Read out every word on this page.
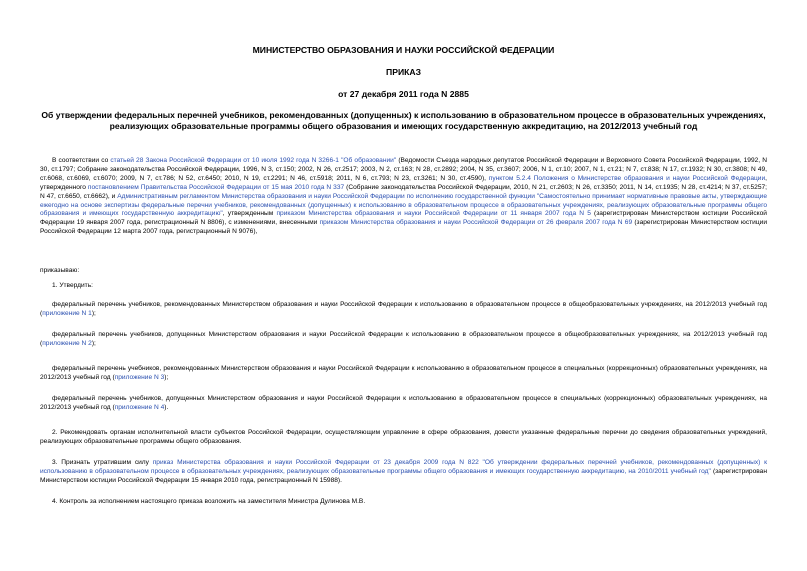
МИНИСТЕРСТВО ОБРАЗОВАНИЯ И НАУКИ РОССИЙСКОЙ ФЕДЕРАЦИИ
ПРИКАЗ
от 27 декабря 2011 года N 2885
Об утверждении федеральных перечней учебников, рекомендованных (допущенных) к использованию в образовательном процессе в образовательных учреждениях, реализующих образовательные программы общего образования и имеющих государственную аккредитацию, на 2012/2013 учебный год
В соответствии со статьей 28 Закона Российской Федерации от 10 июля 1992 года N 3266-1 "Об образовании" (Ведомости Съезда народных депутатов Российской Федерации и Верховного Совета Российской Федерации, 1992, N 30, ст.1797; Собрание законодательства Российской Федерации, 1996, N 3, ст.150; 2002, N 26, ст.2517; 2003, N 2, ст.163; N 28, ст.2892; 2004, N 35, ст.3607; 2006, N 1, ст.10; 2007, N 1, ст.21; N 7, ст.838; N 17, ст.1932; N 30, ст.3808; N 49, ст.6068, ст.6069, ст.6070; 2009, N 7, ст.786; N 52, ст.6450; 2010, N 19, ст.2291; N 46, ст.5918; 2011, N 6, ст.793; N 23, ст.3261; N 30, ст.4590), пунктом 5.2.4 Положения о Министерстве образования и науки Российской Федерации, утвержденного постановлением Правительства Российской Федерации от 15 мая 2010 года N 337 (Собрание законодательства Российской Федерации, 2010, N 21, ст.2603; N 26, ст.3350; 2011, N 14, ст.1935; N 28, ст.4214; N 37, ст.5257; N 47, ст.6650, ст.6662), и Административным регламентом Министерства образования и науки Российской Федерации по исполнению государственной функции "Самостоятельно принимает нормативные правовые акты, утверждающие ежегодно на основе экспертизы федеральные перечни учебников, рекомендованных (допущенных) к использованию в образовательном процессе в образовательных учреждениях, реализующих образовательные программы общего образования и имеющих государственную аккредитацию", утвержденным приказом Министерства образования и науки Российской Федерации от 11 января 2007 года N 5 (зарегистрирован Министерством юстиции Российской Федерации 19 января 2007 года, регистрационный N 8806), с изменениями, внесенными приказом Министерства образования и науки Российской Федерации от 26 февраля 2007 года N 69 (зарегистрирован Министерством юстиции Российской Федерации 12 марта 2007 года, регистрационный N 9076),
приказываю:
1. Утвердить:
федеральный перечень учебников, рекомендованных Министерством образования и науки Российской Федерации к использованию в образовательном процессе в общеобразовательных учреждениях, на 2012/2013 учебный год (приложение N 1);
федеральный перечень учебников, допущенных Министерством образования и науки Российской Федерации к использованию в образовательном процессе в общеобразовательных учреждениях, на 2012/2013 учебный год (приложение N 2);
федеральный перечень учебников, рекомендованных Министерством образования и науки Российской Федерации к использованию в образовательном процессе в специальных (коррекционных) образовательных учреждениях, на 2012/2013 учебный год (приложение N 3);
федеральный перечень учебников, допущенных Министерством образования и науки Российской Федерации к использованию в образовательном процессе в специальных (коррекционных) образовательных учреждениях, на 2012/2013 учебный год (приложение N 4).
2. Рекомендовать органам исполнительной власти субъектов Российской Федерации, осуществляющим управление в сфере образования, довести указанные федеральные перечни до сведения образовательных учреждений, реализующих образовательные программы общего образования.
3. Признать утратившим силу приказ Министерства образования и науки Российской Федерации от 23 декабря 2009 года N 822 "Об утверждении федеральных перечней учебников, рекомендованных (допущенных) к использованию в образовательном процессе в образовательных учреждениях, реализующих образовательные программы общего образования и имеющих государственную аккредитацию, на 2010/2011 учебный год" (зарегистрирован Министерством юстиции Российской Федерации 15 января 2010 года, регистрационный N 15988).
4. Контроль за исполнением настоящего приказа возложить на заместителя Министра Дулинова М.В.
